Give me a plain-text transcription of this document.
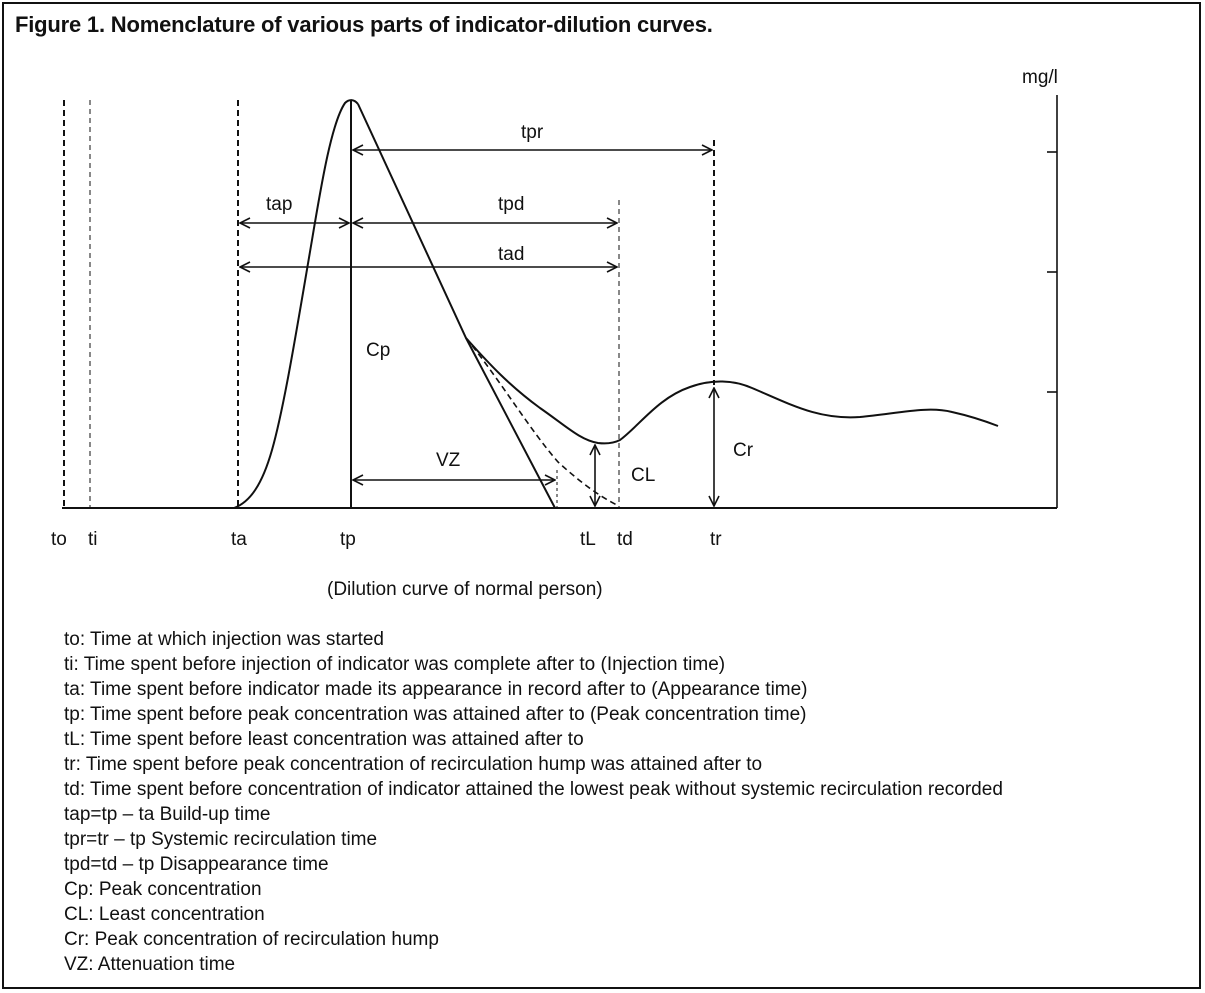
Figure 1. Nomenclature of various parts of indicator-dilution curves.
mg/l
tpr
tap	tpd
tad
VZ
Cp
CL
Cr
to ti	ta	tp	tL td	tr
(Dilution curve of normal person)
to: Time at which injection was started
ti: Time spent before injection of indicator was complete after to (Injection time)
ta: Time spent before indicator made its appearance in record after to (Appearance time)
tp: Time spent before peak concentration was attained after to (Peak concentration time)
tL: Time spent before least concentration was attained after to
tr: Time spent before peak concentration of recirculation hump was attained after to
td: Time spent before concentration of indicator attained the lowest peak without systemic recirculation recorded
tap=tp – ta Build-up time
tpr=tr – tp Systemic recirculation time
tpd=td – tp Disappearance time
Cp: Peak concentration
CL: Least concentration
Cr: Peak concentration of recirculation hump
VZ: Attenuation time
